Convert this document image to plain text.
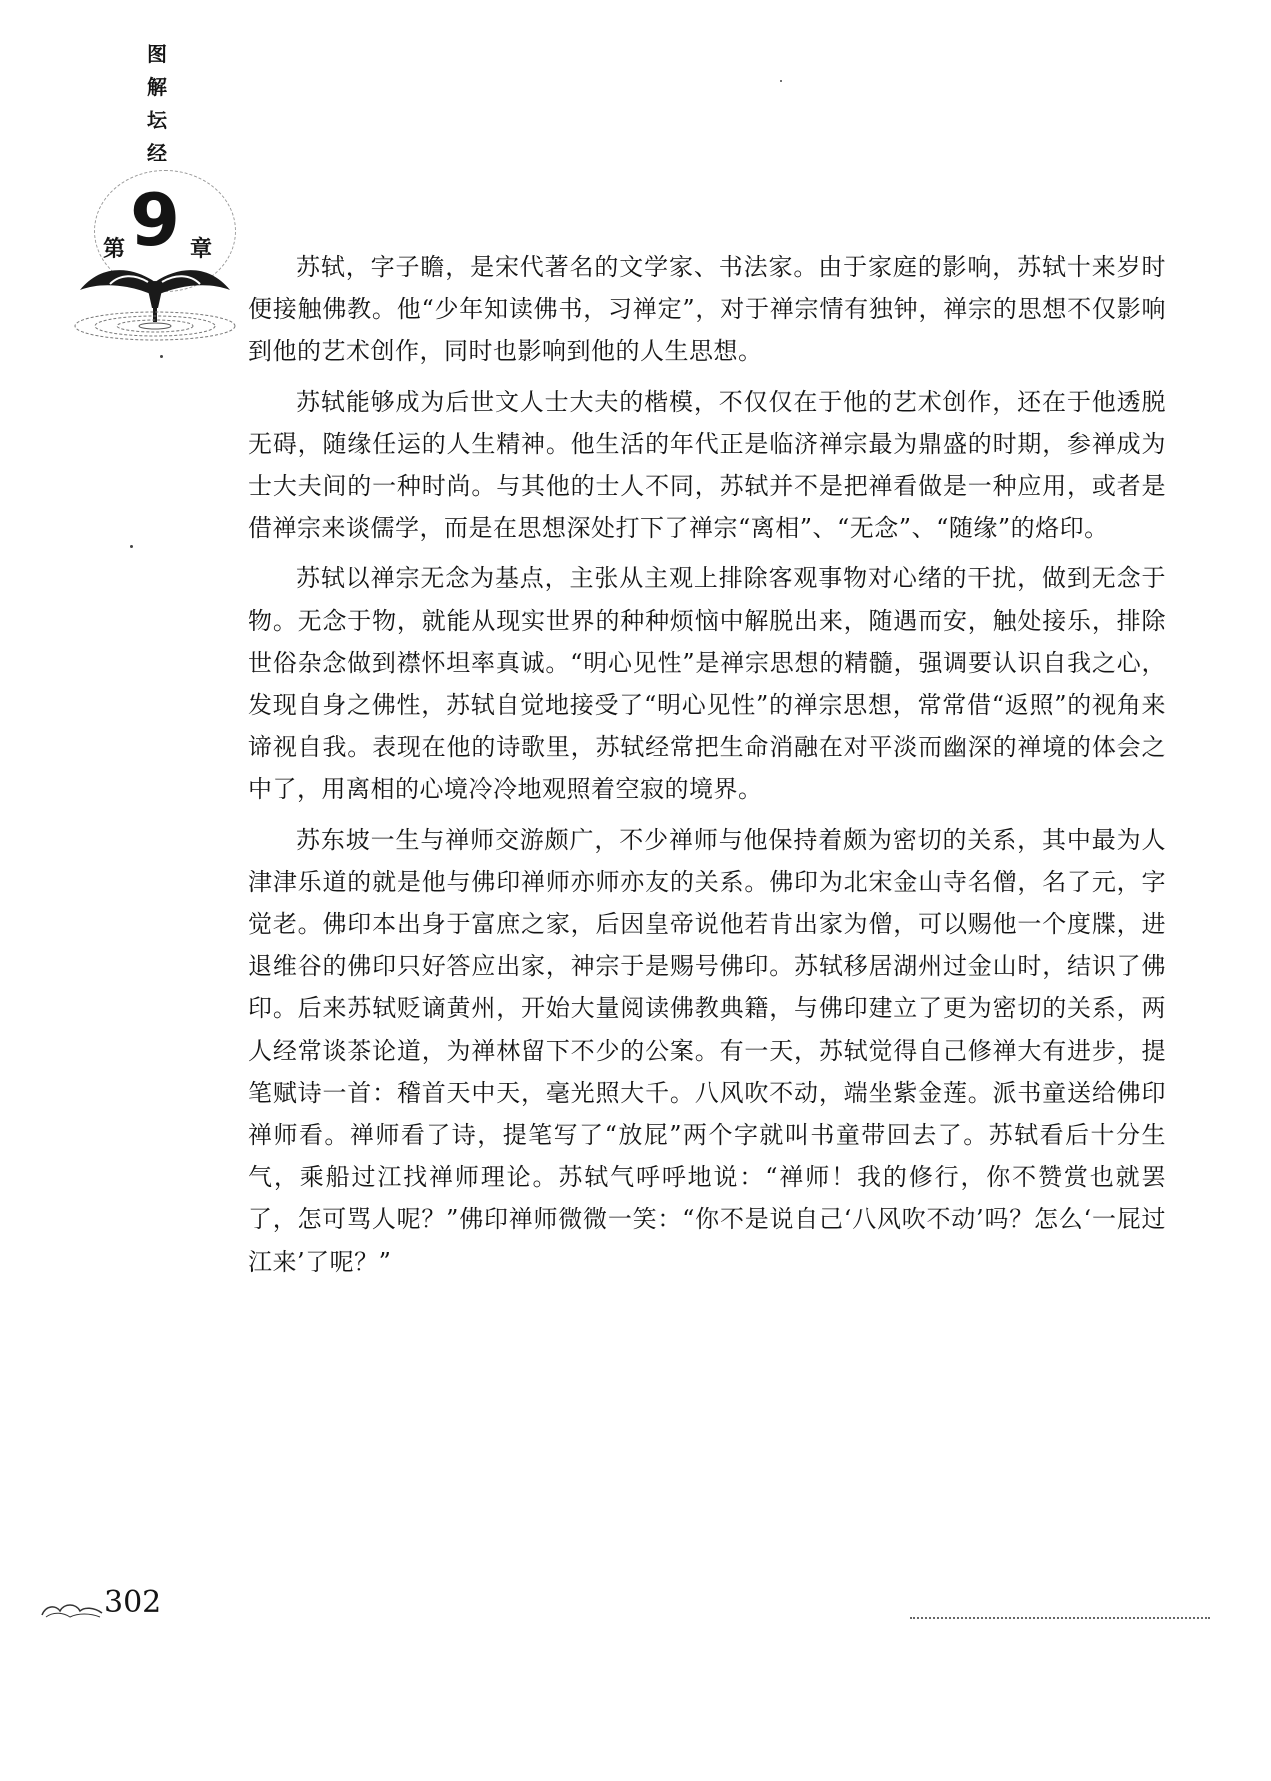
图
解
坛
经
第 9 章

苏轼，字子瞻，是宋代著名的文学家、书法家。由于家庭的影响，苏轼十来岁时便接触佛教。他“少年知读佛书，习禅定”，对于禅宗情有独钟，禅宗的思想不仅影响到他的艺术创作，同时也影响到他的人生思想。

苏轼能够成为后世文人士大夫的楷模，不仅仅在于他的艺术创作，还在于他透脱无碍，随缘任运的人生精神。他生活的年代正是临济禅宗最为鼎盛的时期，参禅成为士大夫间的一种时尚。与其他的士人不同，苏轼并不是把禅看做是一种应用，或者是借禅宗来谈儒学，而是在思想深处打下了禅宗“离相”、“无念”、“随缘”的烙印。

苏轼以禅宗无念为基点，主张从主观上排除客观事物对心绪的干扰，做到无念于物。无念于物，就能从现实世界的种种烦恼中解脱出来，随遇而安，触处接乐，排除世俗杂念做到襟怀坦率真诚。“明心见性”是禅宗思想的精髓，强调要认识自我之心，发现自身之佛性，苏轼自觉地接受了“明心见性”的禅宗思想，常常借“返照”的视角来谛视自我。表现在他的诗歌里，苏轼经常把生命消融在对平淡而幽深的禅境的体会之中了，用离相的心境冷冷地观照着空寂的境界。

苏东坡一生与禅师交游颇广，不少禅师与他保持着颇为密切的关系，其中最为人津津乐道的就是他与佛印禅师亦师亦友的关系。佛印为北宋金山寺名僧，名了元，字觉老。佛印本出身于富庶之家，后因皇帝说他若肯出家为僧，可以赐他一个度牒，进退维谷的佛印只好答应出家，神宗于是赐号佛印。苏轼移居湖州过金山时，结识了佛印。后来苏轼贬谪黄州，开始大量阅读佛教典籍，与佛印建立了更为密切的关系，两人经常谈茶论道，为禅林留下不少的公案。有一天，苏轼觉得自己修禅大有进步，提笔赋诗一首：稽首天中天，毫光照大千。八风吹不动，端坐紫金莲。派书童送给佛印禅师看。禅师看了诗，提笔写了“放屁”两个字就叫书童带回去了。苏轼看后十分生气，乘船过江找禅师理论。苏轼气呼呼地说：“禅师！我的修行，你不赞赏也就罢了，怎可骂人呢？”佛印禅师微微一笑：“你不是说自己‘八风吹不动’吗？怎么‘一屁过江来’了呢？”

302
